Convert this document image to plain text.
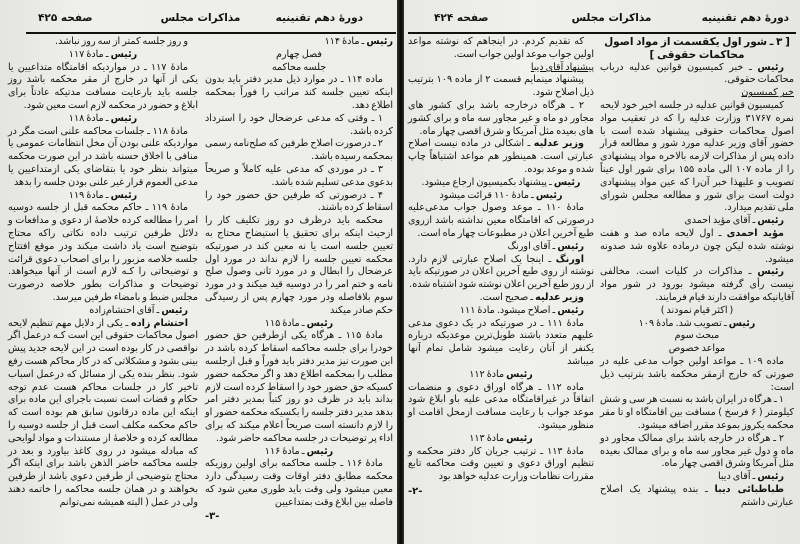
دورهٔ دهم تقنینیه
مذاکرات مجلس
صفحه ۴۲۵

رئیس ـ مادهٔ ۱۱۴

فصل چهارم

جلسه محاکمه

ماده ۱۱۴ ـ در موارد ذیل مدیر دفتر باید بدون اینکه تعیین جلسه کند مراتب را فوراً بمحکمه اطلاع دهد.

۱ ـ وقتی که مدعی عرضحال خود را استرداد کرده باشد.

۲ ـ درصورت اصلاح طرفین که صلح‌نامه رسمی بمحکمه رسیده باشد.

۳ ـ در موردی که مدعی علیه کاملاً و صریحاً بدعوی مدعی تسلیم شده باشد.

۴ ـ درصورتی که طرفین حق حضور خود را اسقاط کرده باشند.

محکمه باید درظرف دو روز تکلیف کار را ازحیث اینکه برای تحقیق یا استیضاح محتاج به تعیین جلسه است یا نه معین کند در صورتیکه محکمه تعیین جلسه را لازم نداند در مورد اول عرضحال را ابطال و در مورد ثانی وصول صلح نامه و ختم امر را در دوسیه قید میکند و در مورد سوم بلافاصله ودر مورد چهارم پس از رسیدگی حکم صادر میکند

رئیس ـ مادهٔ ۱۱۵

مادهٔ ۱۱۵ ـ هرگاه یکی ازطرفین حق حضور خودرا برای جلسه محاکمه اسقاط کرده باشد در این صورت نیز مدیر دفتر باید فوراً و قبل ازجلسه مطلب را بمحکمه اطلاع دهد و اگر محکمه حضور کسیکه حق حضور خود را اسقاط کرده است لازم بداند باید در ظرف دو روز کتباً بمدیر دفتر امر بدهد مدیر دفتر جلسه را بکسیکه محکمه حضور او را لازم دانسته است صریحاً اعلام میکند که برای اداء پر توضیحات در جلسه محاکمه حاضر شود.

رئیس ـ مادهٔ ۱۱۶

مادهٔ ۱۱۶ ـ جلسه محاکمه برای اولین روزیکه محکمه مطابق دفتر اوقات وقت رسیدگی دارد معین میشود ولی وقت باید طوری معین شود که فاصله بین ابلاغ وقت بمتداعیین

-۳-

و روز جلسه کمتر از سه روز نباشد.

رئیس ـ مادهٔ ۱۱۷

مادهٔ ۱۱۷ ـ در مواردیکه اقامتگاه متداعیین یا یکی از آنها در خارج از مقر محکمه باشد روز جلسه باید بارعایت مسافت مدتیکه عادتاً برای ابلاغ و حضور در محکمه لازم است معین شود.

رئیس ـ مادهٔ ۱۱۸

مادهٔ ۱۱۸ ـ جلسات محاکمه علنی است مگر در مواردیکه علنی بودن آن مخل انتظامات عمومی یا منافی با اخلاق حسنه باشد در این صورت محکمه میتواند بنظر خود یا بتقاضای یکی ازمتداعیین یا مدعی العموم قرار غیر علنی بودن جلسه را بدهد

رئیس ـ مادهٔ ۱۱۹

مادهٔ ۱۱۹ ـ حاکم محکمه قبل از جلسه دوسیه امر را مطالعه کرده خلاصهٔ از دعوی و مدافعات و دلائل طرفین ترتیب داده نکاتی راکه محتاج بتوضیح است یاد داشت میکند ودر موقع افتتاح جلسه خلاصه مزبور را برای اصحاب دعوی قرائت و توضیحاتی را کـه لازم است از آنها میخواهد. توضیحات و مذاکرات بطور خلاصه درصورت مجلس ضبط و بامضاء طرفین میرسد.

رئیس ـ آقای احتشام‌زاده

احتشام زاده ـ یکی از دلایل مهم تنظیم لایحه اصول محاکمات حقوقی این است کـه درعمل اگر نواقصی در کار بوده است در این لایحه جدید پیش بینی بشود و مشکلاتی که در کار محاکم هست رفع شود. بنظر بنده یکی از مسائل که درعمل اسباب تاخیر کار در جلسات محاکم هست عدم توجه حکام و قضات است نسبت باجرای این ماده برای اینکه این ماده درقانون سابق هم بوده است که حاکم محکمه مکلف است قبل از جلسه دوسیه را مطالعه کرده و خلاصهٔ از مستندات و مواد لوایحی که مبادله میشود در روی کاغذ بیاورد و بعد در جلسه محاکمه حاضر الذهن باشد برای اینکه اگر محتاج بتوضیحی از طرفین دعوی باشد از طرفین بخواهند و در همان جلسه محاکمه را خاتمه دهند ولی در عمل ( البته همیشه نمی‌توانم

دورهٔ دهم تقنینیه
مذاکرات مجلس
صفحه ۴۲۴

[ ۳ ـ شور اول یکقسمت از مواد اصول محاکمات حقوقی ]

رئیس ـ خبر کمیسیون قوانین عدلیه درباب محاکمات حقوقی.

خبر کمیسیون

کمیسیون قوانین عدلیه در جلسه اخیر خود لایحه نمره ۳۱۷۶۷ وزارت عدلیه را که در تعقیب مواد اصول محاکمات حقوقی پیشنهاد شده است با حضور آقای وزیر عدلیه مورد شور و مطالعه قرار داده پس از مذاکرات لازمه بالاخره مواد پیشنهادی را از ماده ۱۰۷ الی ماده ۱۵۵ برای شور اول عیناً تصویب و علیهذا خبر آن‌را که عین مواد پیشنهادی دولت است برای شور و مطالعه مجلس شورای ملی تقدیم میدارد.

رئیس ـ آقای مؤید احمدی

مؤید احمدی ـ اول لایحه ماده صد و هفت نوشته شده لیکن چون درماده علاوه شد صدونه میشود.

رئیس ـ مذاکرات در کلیات است. مخالفی نیست رأی گرفته میشود بورود در شور مواد آقایانیکه موافقت دارند قیام فرمایند.

( اکثر قیام نمودند )

رئیس ـ تصویب شد. مادهٔ ۱۰۹

مبحث سوم

مواعد خصوص

ماده ۱۰۹ ـ مواعد اولین جواب مدعی علیه در صورتی که خارج ازمقر محکمه باشد بترتیب ذیل است:

۱ ـ هرگاه در ایران باشد به نسبت هر سی و شش کیلومتر ( ۶ فرسخ ) مسافت بین اقامتگاه او تا مقر محکمه یکروز بموعد مقرر اضافه میشود.

۲ ـ هرگاه در خارجه باشد برای ممالک مجاور دو ماه و دول غیر مجاور سه ماه و برای ممالک بعیده مثل آمریکا وشرق اقصی چهار ماه.

رئیس ـ آقای دیبا

طباطبائی دیبا ـ بنده پیشنهاد یک اصلاح عبارتی داشتم

که تقدیم کردم. در اینجاهم که نوشته مواعد اولین جواب موعد اولین جواب است.

پیشنهاد آقای دیبا

پیشنهاد مینمایم قسمت ۲ از ماده ۱۰۹ بترتیب ذیل اصلاح شود.

۲ ـ هرگاه درخارجه باشد برای کشور های مجاور دو ماه و غیر مجاور سه ماه و برای کشور های بعیده مثل آمریکا و شرق اقصی چهار ماه.

وزیر عدلیه ـ اشکالی در ماده نیست اصلاح عبارتی است. همینطور هم مواعد اشتباهاً چاپ شده و موعد بوده.

رئیس ـ پیشنهاد بکمیسیون ارجاع میشود.

رئیس ـ مادهٔ ۱۱۰ قرائت میشود

مادهٔ ۱۱۰ ـ موعد وصول جواب مدعی‌علیه درصورتی که اقامتگاه معین نداشته باشد ازروی طبع آخرین اعلان در مطبوعات چهار ماه است.

رئیس ـ آقای اورنگ

اورنگ ـ اینجا یک اصلاح عبارتی لازم دارد. نوشته از روی طبع آخرین اعلان در صورتیکه باید از روز طبع آخرین اعلان نوشته شود اشتباه شده.

وزیر عدلیه ـ صحیح است.

رئیس ـ اصلاح میشود. مادهٔ ۱۱۱

مادهٔ ۱۱۱ ـ در صورتیکه در یک دعوی مدعی علیهم متعدد باشند طویل‌ترین موعدیکه درباره یکنفر از آنان رعایت میشود شامل تمام آنها میباشد

رئیس مادهٔ ۱۱۲

ماده ۱۱۲ ـ هرگاه اوراق دعوی و منضمات اتفاقاً در غیراقامتگاه مدعی علیه باو ابلاغ شود موعد جواب با رعایت مسافت ازمحل اقامت او منظور میشود.

رئیس مادهٔ ۱۱۳

مادهٔ ۱۱۳ ـ ترتیب جریان کار دفتر محکمه و تنظیم اوراق دعوی و تعیین وقت محاکمه تابع مقررات نظامات وزارت عدلیه خواهد بود

-۲-
